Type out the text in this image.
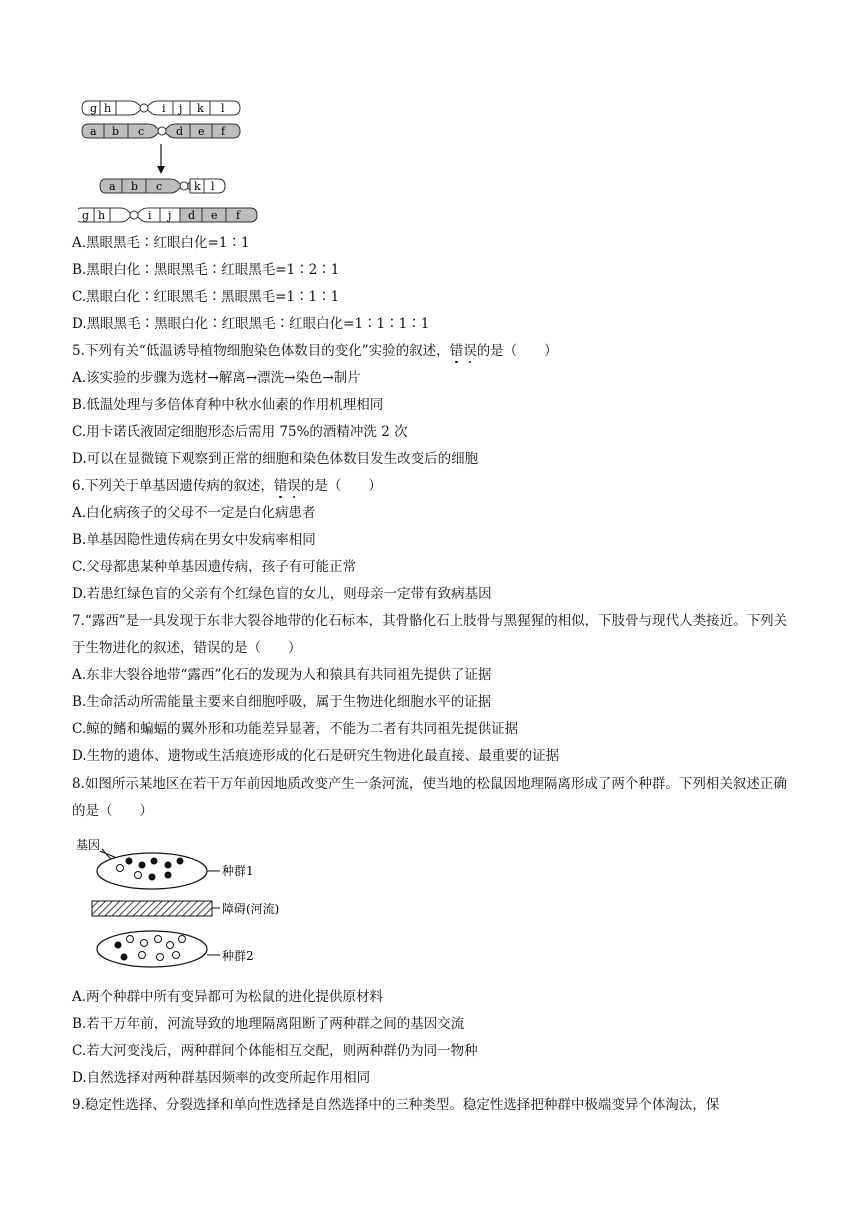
g h	i j k l
a b c	d e f
a b c	k l
g h	i j d e f
A.黑眼黑毛∶红眼白化=1∶1
B.黑眼白化∶黑眼黑毛∶红眼黑毛=1∶2∶1
C.黑眼白化∶红眼黑毛∶黑眼黑毛=1∶1∶1
D.黑眼黑毛∶黑眼白化∶红眼黑毛∶红眼白化=1∶1∶1∶1
5.下列有关“低温诱导植物细胞染色体数目的变化”实验的叙述，错误的是（　　）
A.该实验的步骤为选材→解离→漂洗→染色→制片
B.低温处理与多倍体育种中秋水仙素的作用机理相同
C.用卡诺氏液固定细胞形态后需用 75%的酒精冲洗 2 次
D.可以在显微镜下观察到正常的细胞和染色体数目发生改变后的细胞
6.下列关于单基因遗传病的叙述，错误的是（　　）
A.白化病孩子的父母不一定是白化病患者
B.单基因隐性遗传病在男女中发病率相同
C.父母都患某种单基因遗传病，孩子有可能正常
D.若患红绿色盲的父亲有个红绿色盲的女儿，则母亲一定带有致病基因
7.“露西”是一具发现于东非大裂谷地带的化石标本，其骨骼化石上肢骨与黑猩猩的相似，下肢骨与现代人类接近。下列关于生物进化的叙述，错误的是（　　）
A.东非大裂谷地带“露西”化石的发现为人和猿具有共同祖先提供了证据
B.生命活动所需能量主要来自细胞呼吸，属于生物进化细胞水平的证据
C.鲸的鳍和蝙蝠的翼外形和功能差异显著，不能为二者有共同祖先提供证据
D.生物的遗体、遗物或生活痕迹形成的化石是研究生物进化最直接、最重要的证据
8.如图所示某地区在若干万年前因地质改变产生一条河流，使当地的松鼠因地理隔离形成了两个种群。下列相关叙述正确的是（　　）
基因
种群1
障碍(河流)
种群2
A.两个种群中所有变异都可为松鼠的进化提供原材料
B.若干万年前，河流导致的地理隔离阻断了两种群之间的基因交流
C.若大河变浅后，两种群间个体能相互交配，则两种群仍为同一物种
D.自然选择对两种群基因频率的改变所起作用相同
9.稳定性选择、分裂选择和单向性选择是自然选择中的三种类型。稳定性选择把种群中极端变异个体淘汰，保
